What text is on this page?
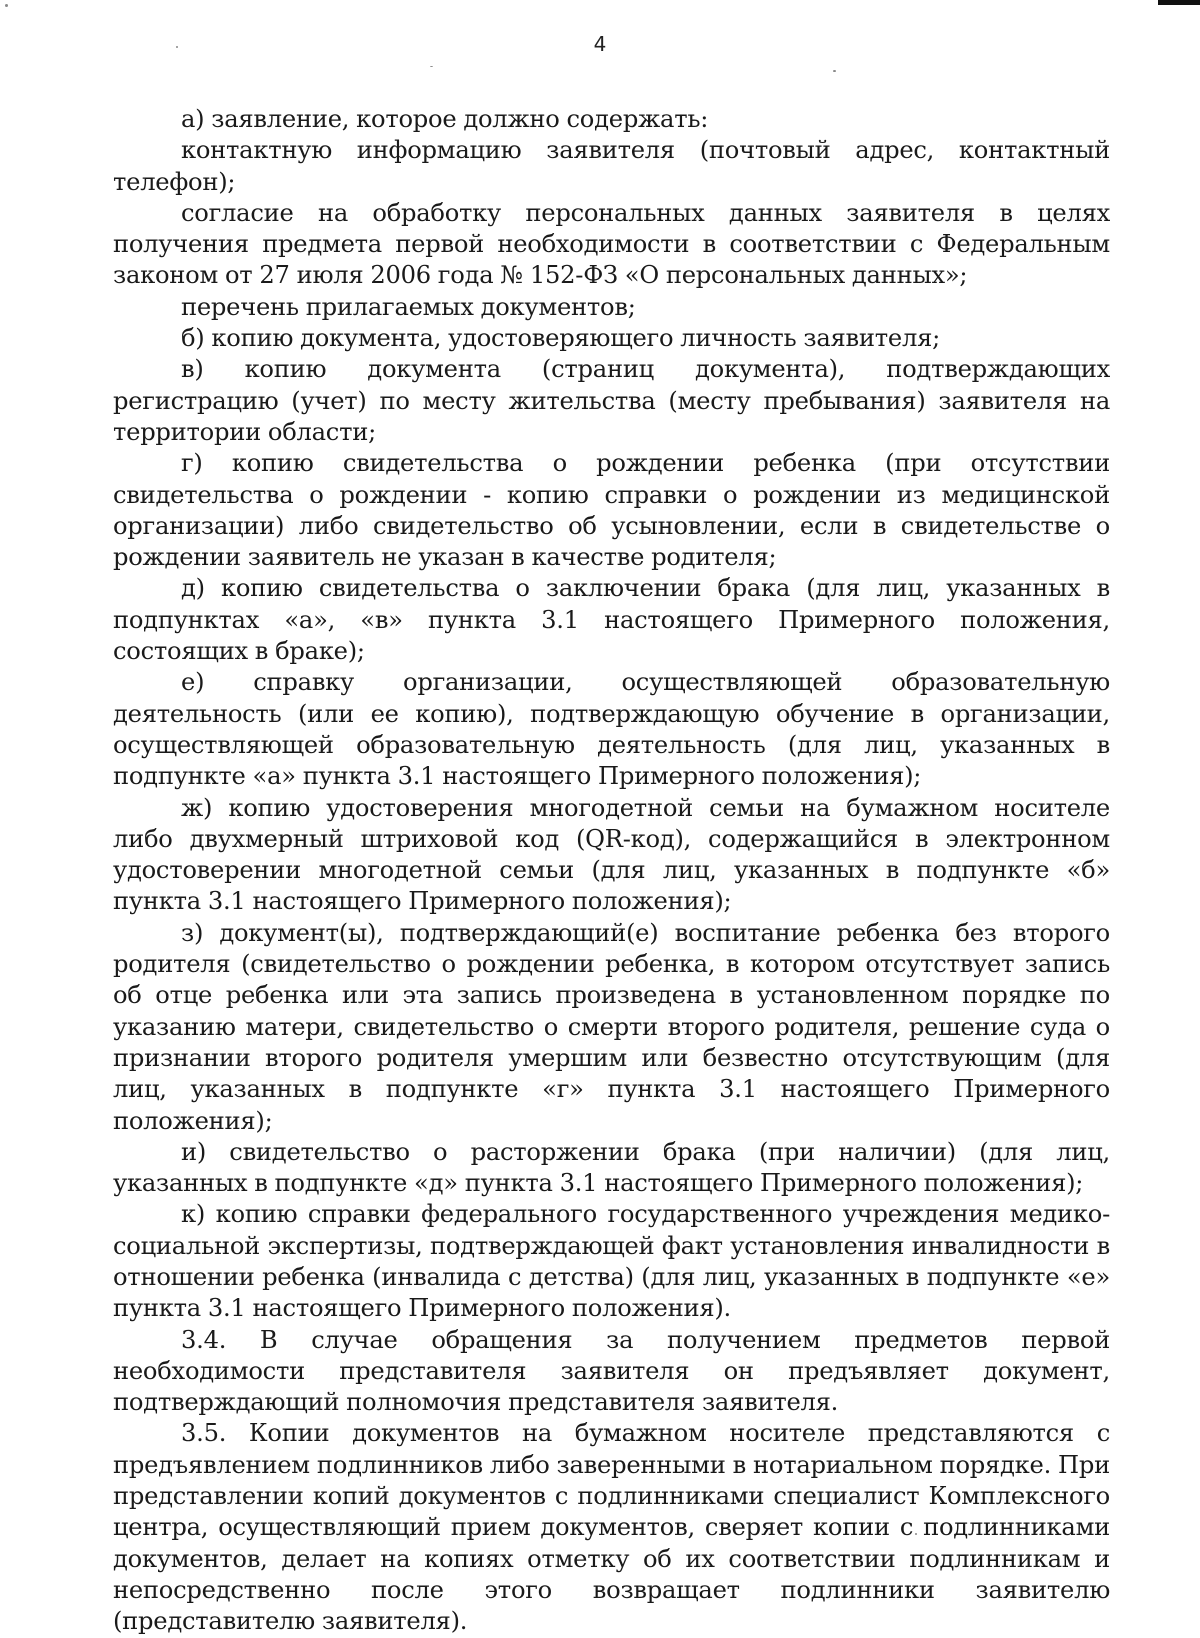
4

а) заявление, которое должно содержать:

контактную информацию заявителя (почтовый адрес, контактный телефон);

согласие на обработку персональных данных заявителя в целях получения предмета первой необходимости в соответствии с Федеральным законом от 27 июля 2006 года № 152-ФЗ «О персональных данных»;

перечень прилагаемых документов;

б) копию документа, удостоверяющего личность заявителя;

в) копию документа (страниц документа), подтверждающих регистрацию (учет) по месту жительства (месту пребывания) заявителя на территории области;

г) копию свидетельства о рождении ребенка (при отсутствии свидетельства о рождении - копию справки о рождении из медицинской организации) либо свидетельство об усыновлении, если в свидетельстве о рождении заявитель не указан в качестве родителя;

д) копию свидетельства о заключении брака (для лиц, указанных в подпунктах «а», «в» пункта 3.1 настоящего Примерного положения, состоящих в браке);

е) справку организации, осуществляющей образовательную деятельность (или ее копию), подтверждающую обучение в организации, осуществляющей образовательную деятельность (для лиц, указанных в подпункте «а» пункта 3.1 настоящего Примерного положения);

ж) копию удостоверения многодетной семьи на бумажном носителе либо двухмерный штриховой код (QR-код), содержащийся в электронном удостоверении многодетной семьи (для лиц, указанных в подпункте «б» пункта 3.1 настоящего Примерного положения);

з) документ(ы), подтверждающий(е) воспитание ребенка без второго родителя (свидетельство о рождении ребенка, в котором отсутствует запись об отце ребенка или эта запись произведена в установленном порядке по указанию матери, свидетельство о смерти второго родителя, решение суда о признании второго родителя умершим или безвестно отсутствующим (для лиц, указанных в подпункте «г» пункта 3.1 настоящего Примерного положения);

и) свидетельство о расторжении брака (при наличии) (для лиц, указанных в подпункте «д» пункта 3.1 настоящего Примерного положения);

к) копию справки федерального государственного учреждения медико-социальной экспертизы, подтверждающей факт установления инвалидности в отношении ребенка (инвалида с детства) (для лиц, указанных в подпункте «е» пункта 3.1 настоящего Примерного положения).

3.4. В случае обращения за получением предметов первой необходимости представителя заявителя он предъявляет документ, подтверждающий полномочия представителя заявителя.

3.5. Копии документов на бумажном носителе представляются с предъявлением подлинников либо заверенными в нотариальном порядке. При представлении копий документов с подлинниками специалист Комплексного центра, осуществляющий прием документов, сверяет копии с подлинниками документов, делает на копиях отметку об их соответствии подлинникам и непосредственно после этого возвращает подлинники заявителю (представителю заявителя).
